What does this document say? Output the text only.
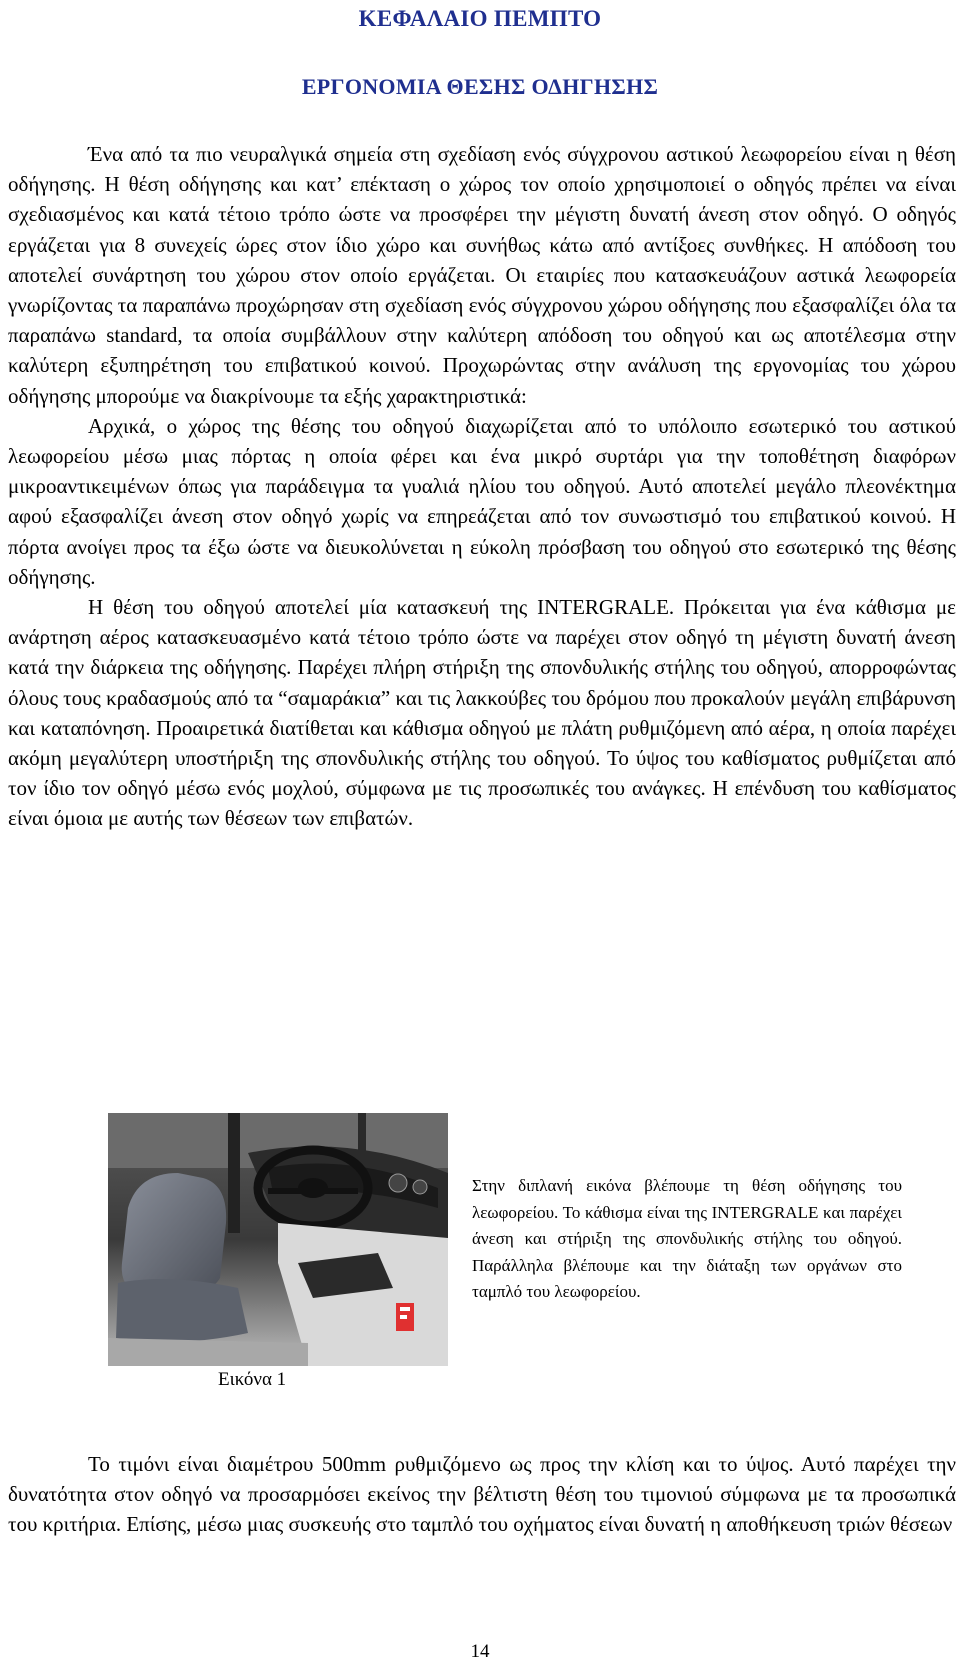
ΚΕΦΑΛΑΙΟ ΠΕΜΠΤΟ
ΕΡΓΟΝΟΜΙΑ ΘΕΣΗΣ ΟΔΗΓΗΣΗΣ

Ένα από τα πιο νευραλγικά σημεία στη σχεδίαση ενός σύγχρονου αστικού λεωφορείου είναι η θέση οδήγησης. Η θέση οδήγησης και κατ’ επέκταση ο χώρος τον οποίο χρησιμοποιεί ο οδηγός πρέπει να είναι σχεδιασμένος και κατά τέτοιο τρόπο ώστε να προσφέρει την μέγιστη δυνατή άνεση στον οδηγό. Ο οδηγός εργάζεται για 8 συνεχείς ώρες στον ίδιο χώρο και συνήθως κάτω από αντίξοες συνθήκες. Η απόδοση του αποτελεί συνάρτηση του χώρου στον οποίο εργάζεται. Οι εταιρίες που κατασκευάζουν αστικά λεωφορεία γνωρίζοντας τα παραπάνω προχώρησαν στη σχεδίαση ενός σύγχρονου χώρου οδήγησης που εξασφαλίζει όλα τα παραπάνω standard, τα οποία συμβάλλουν στην καλύτερη απόδοση του οδηγού και ως αποτέλεσμα στην καλύτερη εξυπηρέτηση του επιβατικού κοινού. Προχωρώντας στην ανάλυση της εργονομίας του χώρου οδήγησης μπορούμε να διακρίνουμε τα εξής χαρακτηριστικά:

Αρχικά, ο χώρος της θέσης του οδηγού διαχωρίζεται από το υπόλοιπο εσωτερικό του αστικού λεωφορείου μέσω μιας πόρτας η οποία φέρει και ένα μικρό συρτάρι για την τοποθέτηση διαφόρων μικροαντικειμένων όπως για παράδειγμα τα γυαλιά ηλίου του οδηγού. Αυτό αποτελεί μεγάλο πλεονέκτημα αφού εξασφαλίζει άνεση στον οδηγό χωρίς να επηρεάζεται από τον συνωστισμό του επιβατικού κοινού. Η πόρτα ανοίγει προς τα έξω ώστε να διευκολύνεται η εύκολη πρόσβαση του οδηγού στο εσωτερικό της θέσης οδήγησης.

Η θέση του οδηγού αποτελεί μία κατασκευή της INTERGRALE. Πρόκειται για ένα κάθισμα με ανάρτηση αέρος κατασκευασμένο κατά τέτοιο τρόπο ώστε να παρέχει στον οδηγό τη μέγιστη δυνατή άνεση κατά την διάρκεια της οδήγησης. Παρέχει πλήρη στήριξη της σπονδυλικής στήλης του οδηγού, απορροφώντας όλους τους κραδασμούς από τα “σαμαράκια” και τις λακκούβες του δρόμου που προκαλούν μεγάλη επιβάρυνση και καταπόνηση. Προαιρετικά διατίθεται και κάθισμα οδηγού με πλάτη ρυθμιζόμενη από αέρα, η οποία παρέχει ακόμη μεγαλύτερη υποστήριξη της σπονδυλικής στήλης του οδηγού. Το ύψος του καθίσματος ρυθμίζεται από τον ίδιο τον οδηγό μέσω ενός μοχλού, σύμφωνα με τις προσωπικές του ανάγκες. Η επένδυση του καθίσματος είναι όμοια με αυτής των θέσεων των επιβατών.

Εικόνα 1
Στην διπλανή εικόνα βλέπουμε τη θέση οδήγησης του λεωφορείου. Το κάθισμα είναι της INTERGRALE και παρέχει άνεση και στήριξη της σπονδυλικής στήλης του οδηγού. Παράλληλα βλέπουμε και την διάταξη των οργάνων στο ταμπλό του λεωφορείου.

Το τιμόνι είναι διαμέτρου 500mm ρυθμιζόμενο ως προς την κλίση και το ύψος. Αυτό παρέχει την δυνατότητα στον οδηγό να προσαρμόσει εκείνος την βέλτιστη θέση του τιμονιού σύμφωνα με τα προσωπικά του κριτήρια. Επίσης, μέσω μιας συσκευής στο ταμπλό του οχήματος είναι δυνατή η αποθήκευση τριών θέσεων

14
